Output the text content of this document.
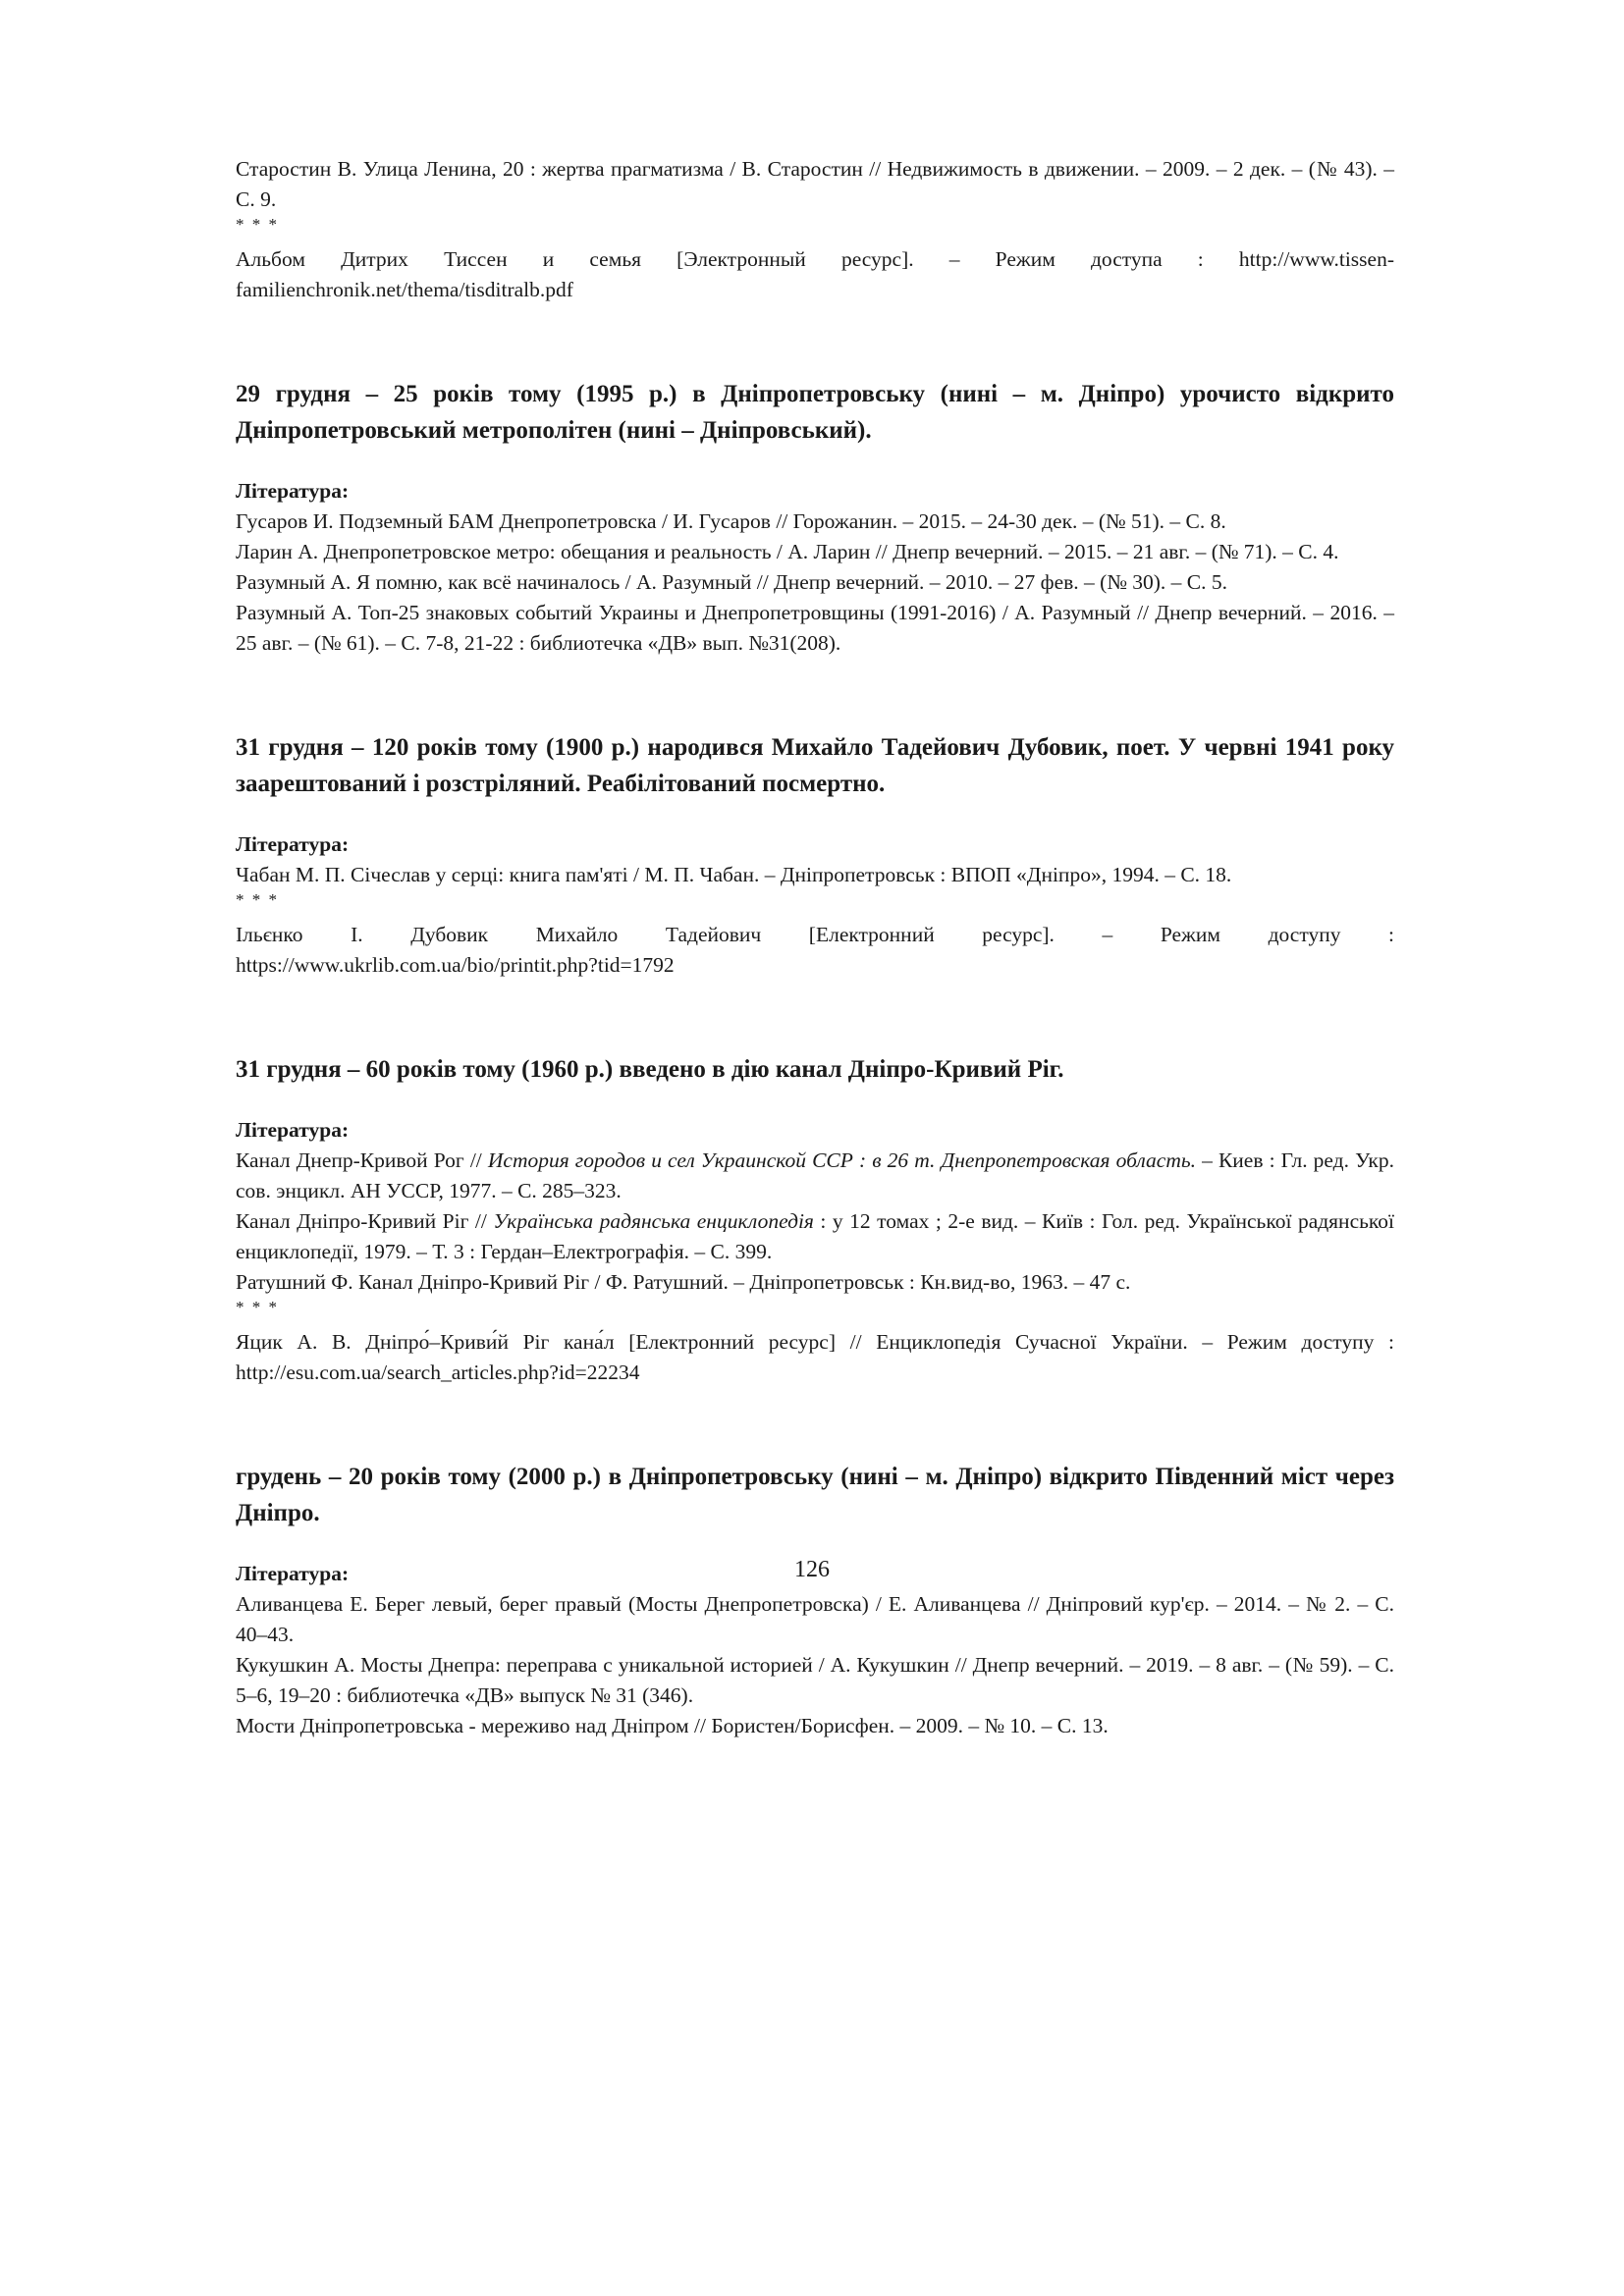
Старостин В. Улица Ленина, 20 : жертва прагматизма / В. Старостин // Недвижимость в движении. – 2009. – 2 дек. – (№ 43). – С. 9.

* * *

Альбом Дитрих Тиссен и семья [Электронный ресурс]. – Режим доступа : http://www.tissen-familienchronik.net/thema/tisditralb.pdf

29 грудня – 25 років тому (1995 р.) в Дніпропетровську (нині – м. Дніпро) урочисто відкрито Дніпропетровський метрополітен (нині – Дніпровський).

Література:

Гусаров И. Подземный БАМ Днепропетровска / И. Гусаров // Горожанин. – 2015. – 24-30 дек. – (№ 51). – С. 8.

Ларин А. Днепропетровское метро: обещания и реальность / А. Ларин // Днепр вечерний. – 2015. – 21 авг. – (№ 71). – С. 4.

Разумный А. Я помню, как всё начиналось / А. Разумный // Днепр вечерний. – 2010. – 27 фев. – (№ 30). – С. 5.

Разумный А. Топ-25 знаковых событий Украины и Днепропетровщины (1991-2016) / А. Разумный // Днепр вечерний. – 2016. – 25 авг. – (№ 61). – С. 7-8, 21-22 : библиотечка «ДВ» вып. №31(208).

31 грудня – 120 років тому (1900 р.) народився Михайло Тадейович Дубовик, поет. У червні 1941 року заарештований і розстріляний. Реабілітований посмертно.

Література:

Чабан М. П. Січеслав у серці: книга пам'яті / М. П. Чабан. – Дніпропетровськ : ВПОП «Дніпро», 1994. – С. 18.

* * *

Ільєнко І. Дубовик Михайло Тадейович [Електронний ресурс]. – Режим доступу :

https://www.ukrlib.com.ua/bio/printit.php?tid=1792

31 грудня – 60 років тому (1960 р.) введено в дію канал Дніпро-Кривий Ріг.

Література:

Канал Днепр-Кривой Рог // История городов и сел Украинской ССР : в 26 т. Днепропетровская область. – Киев : Гл. ред. Укр. сов. энцикл. АН УССР, 1977. – С. 285–323.

Канал Дніпро-Кривий Ріг // Українська радянська енциклопедія : у 12 томах ; 2-е вид. – Київ : Гол. ред. Української радянської енциклопедії, 1979. – Т. 3 : Гердан–Електрографія. – С. 399.

Ратушний Ф. Канал Дніпро-Кривий Ріг / Ф. Ратушний. – Дніпропетровськ : Кн.вид-во, 1963. – 47 с.

* * *

Яцик А. В. Дніпро́–Криви́й Ріг кана́л [Електронний ресурс] // Енциклопедія Сучасної України. – Режим доступу : http://esu.com.ua/search_articles.php?id=22234

грудень – 20 років тому (2000 р.) в Дніпропетровську (нині – м. Дніпро) відкрито Південний міст через Дніпро.

Література:

Аливанцева Е. Берег левый, берег правый (Мосты Днепропетровска) / Е. Аливанцева // Дніпровий кур'єр. – 2014. – № 2. – С. 40–43.

Кукушкин А. Мосты Днепра: переправа с уникальной историей / А. Кукушкин // Днепр вечерний. – 2019. – 8 авг. – (№ 59). – С. 5–6, 19–20 : библиотечка «ДВ» выпуск № 31 (346).

Мости Дніпропетровська - мереживо над Дніпром // Бористен/Борисфен. – 2009. – № 10. – С. 13.

126
